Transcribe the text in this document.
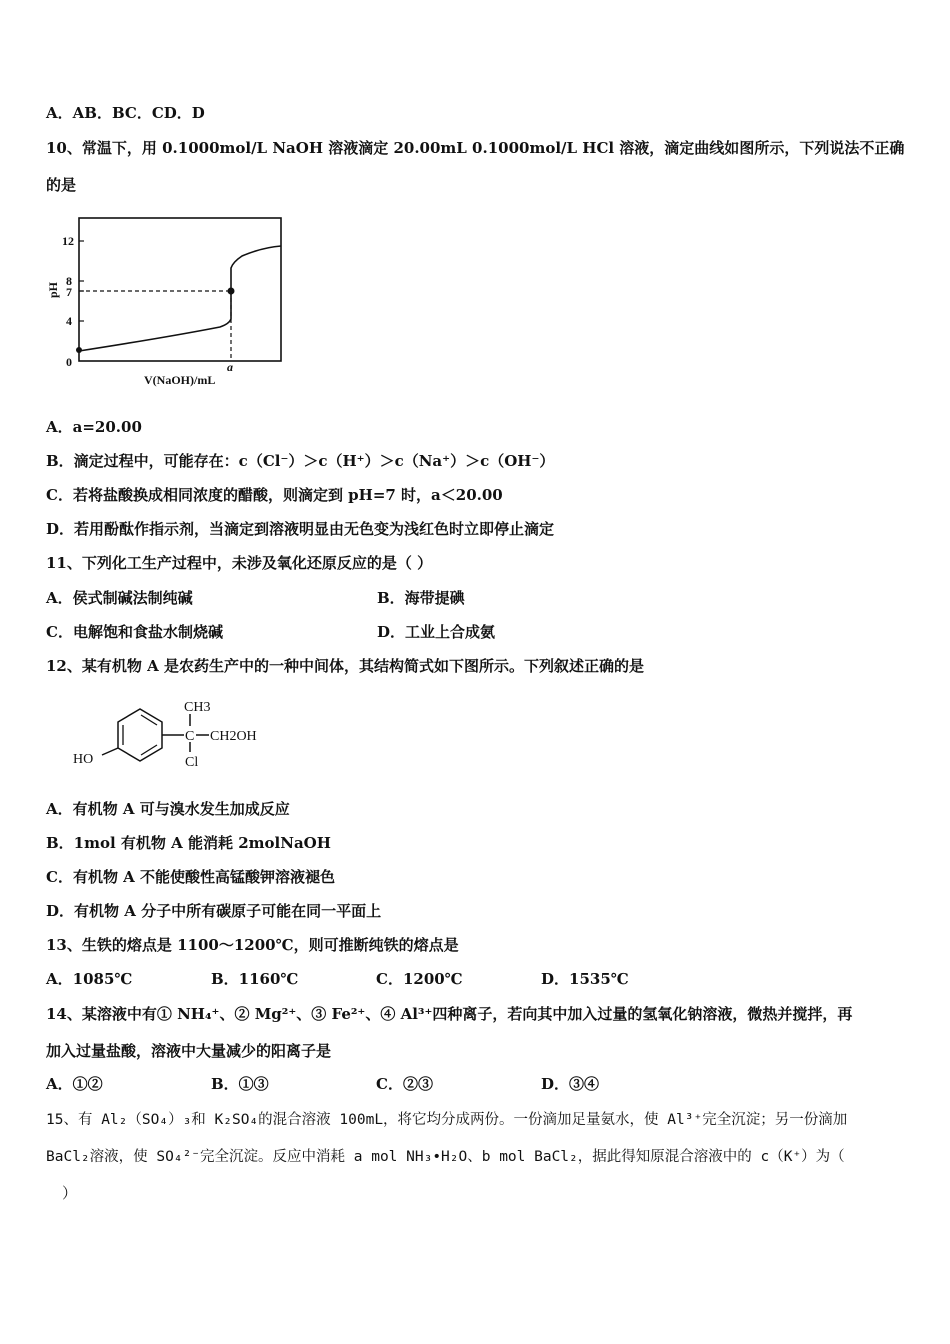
A．AB．BC．CD．D
10、常温下，用 0.1000mol/L NaOH 溶液滴定 20.00mL 0.1000mol/L HCl 溶液，滴定曲线如图所示，下列说法不正确
的是
12
8
7
4
0
pH
a
V(NaOH)/mL
A．a=20.00
B．滴定过程中，可能存在：c（Cl⁻）＞c（H⁺）＞c（Na⁺）＞c（OH⁻）
C．若将盐酸换成相同浓度的醋酸，则滴定到 pH=7 时，a＜20.00
D．若用酚酞作指示剂，当滴定到溶液明显由无色变为浅红色时立即停止滴定
11、下列化工生产过程中，未涉及氧化还原反应的是（ ）
A．侯式制碱法制纯碱	B．海带提碘
C．电解饱和食盐水制烧碱	D．工业上合成氨
12、某有机物 A 是农药生产中的一种中间体，其结构简式如下图所示。下列叙述正确的是
HO
C
CH3
Cl
CH2OH
A．有机物 A 可与溴水发生加成反应
B．1mol 有机物 A 能消耗 2molNaOH
C．有机物 A 不能使酸性高锰酸钾溶液褪色
D．有机物 A 分子中所有碳原子可能在同一平面上
13、生铁的熔点是 1100～1200℃，则可推断纯铁的熔点是
A．1085℃	B．1160℃	C．1200℃	D．1535℃
14、某溶液中有① NH₄⁺、② Mg²⁺、③ Fe²⁺、④ Al³⁺四种离子，若向其中加入过量的氢氧化钠溶液，微热并搅拌，再
加入过量盐酸，溶液中大量减少的阳离子是
A．①②	B．①③	C．②③	D．③④
15、有 Al₂（SO₄）₃和 K₂SO₄的混合溶液 100mL，将它均分成两份。一份滴加足量氨水，使 Al³⁺完全沉淀；另一份滴加
BaCl₂溶液，使 SO₄²⁻完全沉淀。反应中消耗 a mol NH₃•H₂O、b mol BaCl₂，据此得知原混合溶液中的 c（K⁺）为（
）
